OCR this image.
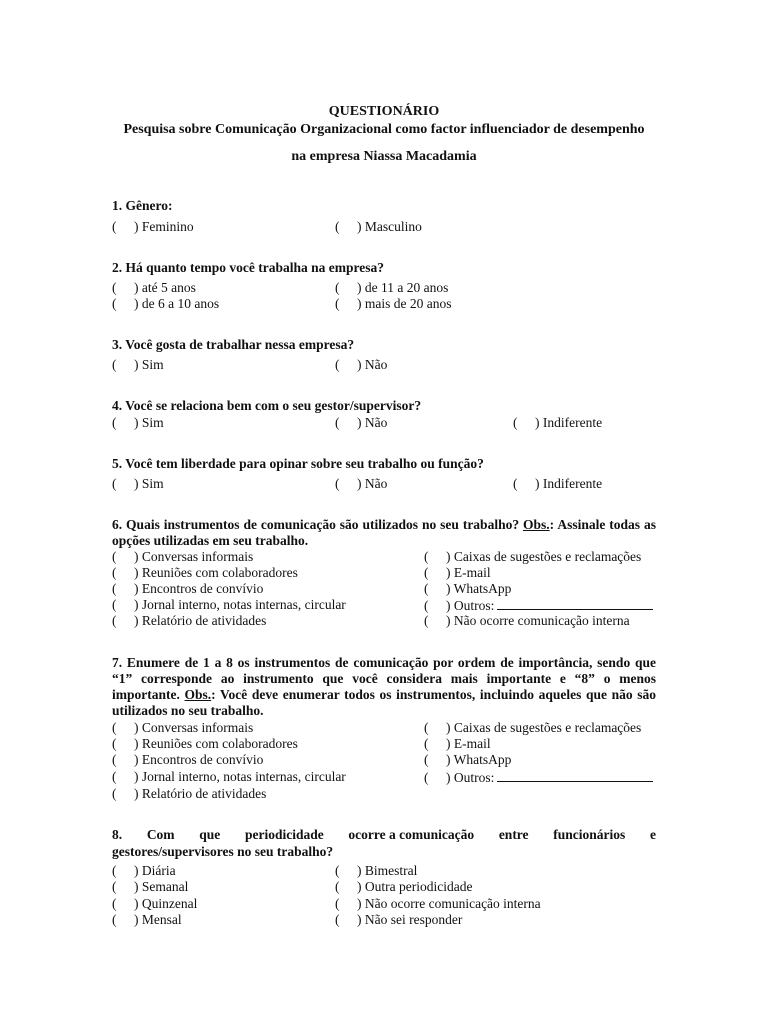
QUESTIONÁRIO

Pesquisa sobre Comunicação Organizacional como factor influenciador de desempenho

na empresa Niassa Macadamia

1. Gênero:

( ) Feminino	( ) Masculino

2. Há quanto tempo você trabalha na empresa?

( ) até 5 anos	( ) de 11 a 20 anos
( ) de 6 a 10 anos	( ) mais de 20 anos

3. Você gosta de trabalhar nessa empresa?

( ) Sim	( ) Não

4. Você se relaciona bem com o seu gestor/supervisor?

( ) Sim	( ) Não	( ) Indiferente

5. Você tem liberdade para opinar sobre seu trabalho ou função?

( ) Sim	( ) Não	( ) Indiferente

6. Quais instrumentos de comunicação são utilizados no seu trabalho? Obs.: Assinale todas as opções utilizadas em seu trabalho.

( ) Conversas informais	( ) Caixas de sugestões e reclamações
( ) Reuniões com colaboradores	( ) E-mail
( ) Encontros de convívio	( ) WhatsApp
( ) Jornal interno, notas internas, circular	( ) Outros:
( ) Relatório de atividades	( ) Não ocorre comunicação interna

7. Enumere de 1 a 8 os instrumentos de comunicação por ordem de importância, sendo que “1” corresponde ao instrumento que você considera mais importante e “8” o menos importante. Obs.: Você deve enumerar todos os instrumentos, incluindo aqueles que não são utilizados no seu trabalho.

( ) Conversas informais	( ) Caixas de sugestões e reclamações
( ) Reuniões com colaboradores	( ) E-mail
( ) Encontros de convívio	( ) WhatsApp
( ) Jornal interno, notas internas, circular	( ) Outros:
( ) Relatório de atividades
8. Com que periodicidade ocorre a comunicação entre funcionários e

gestores/supervisores no seu trabalho?

( ) Diária	( ) Bimestral
( ) Semanal	( ) Outra periodicidade
( ) Quinzenal	( ) Não ocorre comunicação interna
( ) Mensal	( ) Não sei responder
